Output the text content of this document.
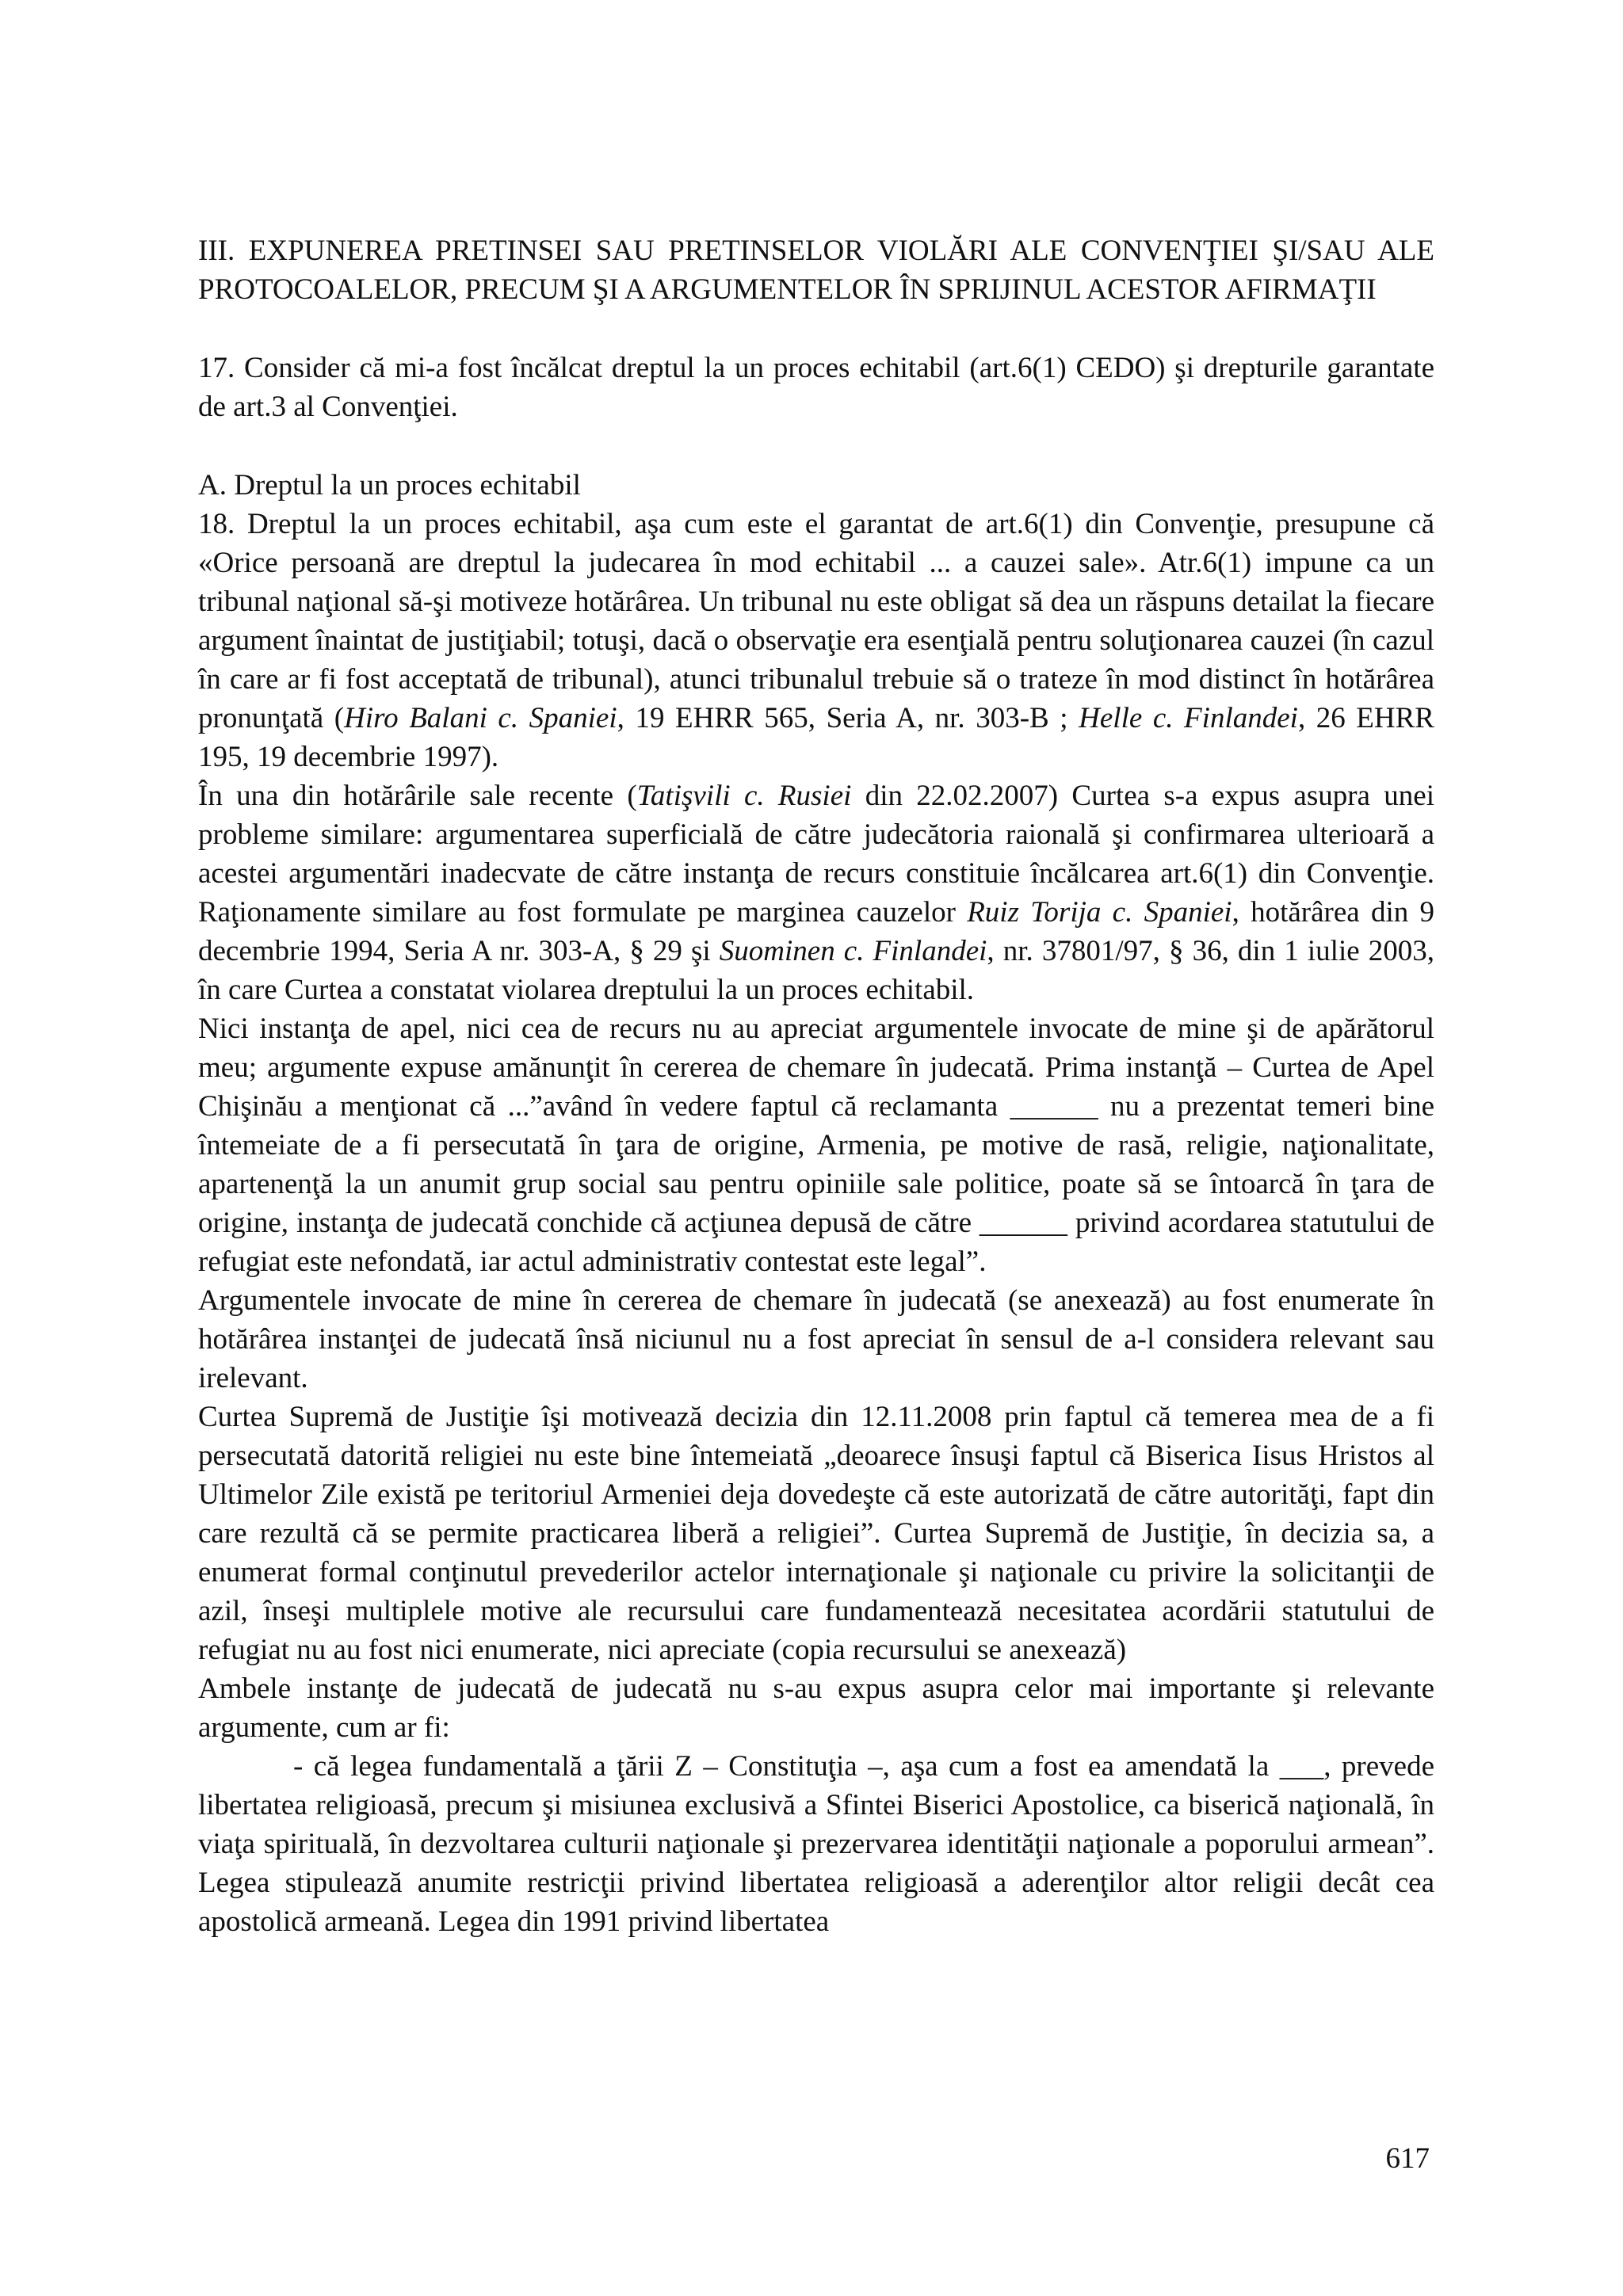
III. EXPUNEREA PRETINSEI SAU PRETINSELOR VIOLĂRI ALE CONVENŢIEI ŞI/SAU ALE PROTOCOALELOR, PRECUM ŞI A ARGUMENTELOR ÎN SPRIJINUL ACESTOR AFIRMAŢII

17. Consider că mi-a fost încălcat dreptul la un proces echitabil (art.6(1) CEDO) şi drepturile garantate de art.3 al Convenţiei.

A. Dreptul la un proces echitabil

18. Dreptul la un proces echitabil, aşa cum este el garantat de art.6(1) din Convenţie, presupune că «Orice persoană are dreptul la judecarea în mod echitabil ... a cauzei sale». Atr.6(1) impune ca un tribunal naţional să-şi motiveze hotărârea. Un tribunal nu este obligat să dea un răspuns detailat la fiecare argument înaintat de justiţiabil; totuşi, dacă o observaţie era esenţială pentru soluţionarea cauzei (în cazul în care ar fi fost acceptată de tribunal), atunci tribunalul trebuie să o trateze în mod distinct în hotărârea pronunţată (Hiro Balani c. Spaniei, 19 EHRR 565, Seria A, nr. 303-B ; Helle c. Finlandei, 26 EHRR 195, 19 decembrie 1997).

În una din hotărârile sale recente (Tatişvili c. Rusiei din 22.02.2007) Curtea s-a expus asupra unei probleme similare: argumentarea superficială de către judecătoria raională şi confirmarea ulterioară a acestei argumentări inadecvate de către instanţa de recurs constituie încălcarea art.6(1) din Convenţie. Raţionamente similare au fost formulate pe marginea cauzelor Ruiz Torija c. Spaniei, hotărârea din 9 decembrie 1994, Seria A nr. 303-A, § 29 şi Suominen c. Finlandei, nr. 37801/97, § 36, din 1 iulie 2003, în care Curtea a constatat violarea dreptului la un proces echitabil.

Nici instanţa de apel, nici cea de recurs nu au apreciat argumentele invocate de mine şi de apărătorul meu; argumente expuse amănunţit în cererea de chemare în judecată. Prima instanţă – Curtea de Apel Chişinău a menţionat că ...”având în vedere faptul că reclamanta ______ nu a prezentat temeri bine întemeiate de a fi persecutată în ţara de origine, Armenia, pe motive de rasă, religie, naţionalitate, apartenenţă la un anumit grup social sau pentru opiniile sale politice, poate să se întoarcă în ţara de origine, instanţa de judecată conchide că acţiunea depusă de către ______ privind acordarea statutului de refugiat este nefondată, iar actul administrativ contestat este legal”.

Argumentele invocate de mine în cererea de chemare în judecată (se anexează) au fost enumerate în hotărârea instanţei de judecată însă niciunul nu a fost apreciat în sensul de a-l considera relevant sau irelevant.

Curtea Supremă de Justiţie îşi motivează decizia din 12.11.2008 prin faptul că temerea mea de a fi persecutată datorită religiei nu este bine întemeiată „deoarece însuşi faptul că Biserica Iisus Hristos al Ultimelor Zile există pe teritoriul Armeniei deja dovedeşte că este autorizată de către autorităţi, fapt din care rezultă că se permite practicarea liberă a religiei”. Curtea Supremă de Justiţie, în decizia sa, a enumerat formal conţinutul prevederilor actelor internaţionale şi naţionale cu privire la solicitanţii de azil, înseşi multiplele motive ale recursului care fundamentează necesitatea acordării statutului de refugiat nu au fost nici enumerate, nici apreciate (copia recursului se anexează)

Ambele instanţe de judecată de judecată nu s-au expus asupra celor mai importante şi relevante argumente, cum ar fi:

- că legea fundamentală a ţării Z – Constituţia –, aşa cum a fost ea amendată la ___, prevede libertatea religioasă, precum şi misiunea exclusivă a Sfintei Biserici Apostolice, ca biserică naţională, în viaţa spirituală, în dezvoltarea culturii naţionale şi prezervarea identităţii naţionale a poporului armean”. Legea stipulează anumite restricţii privind libertatea religioasă a aderenţilor altor religii decât cea apostolică armeană. Legea din 1991 privind libertatea

617
